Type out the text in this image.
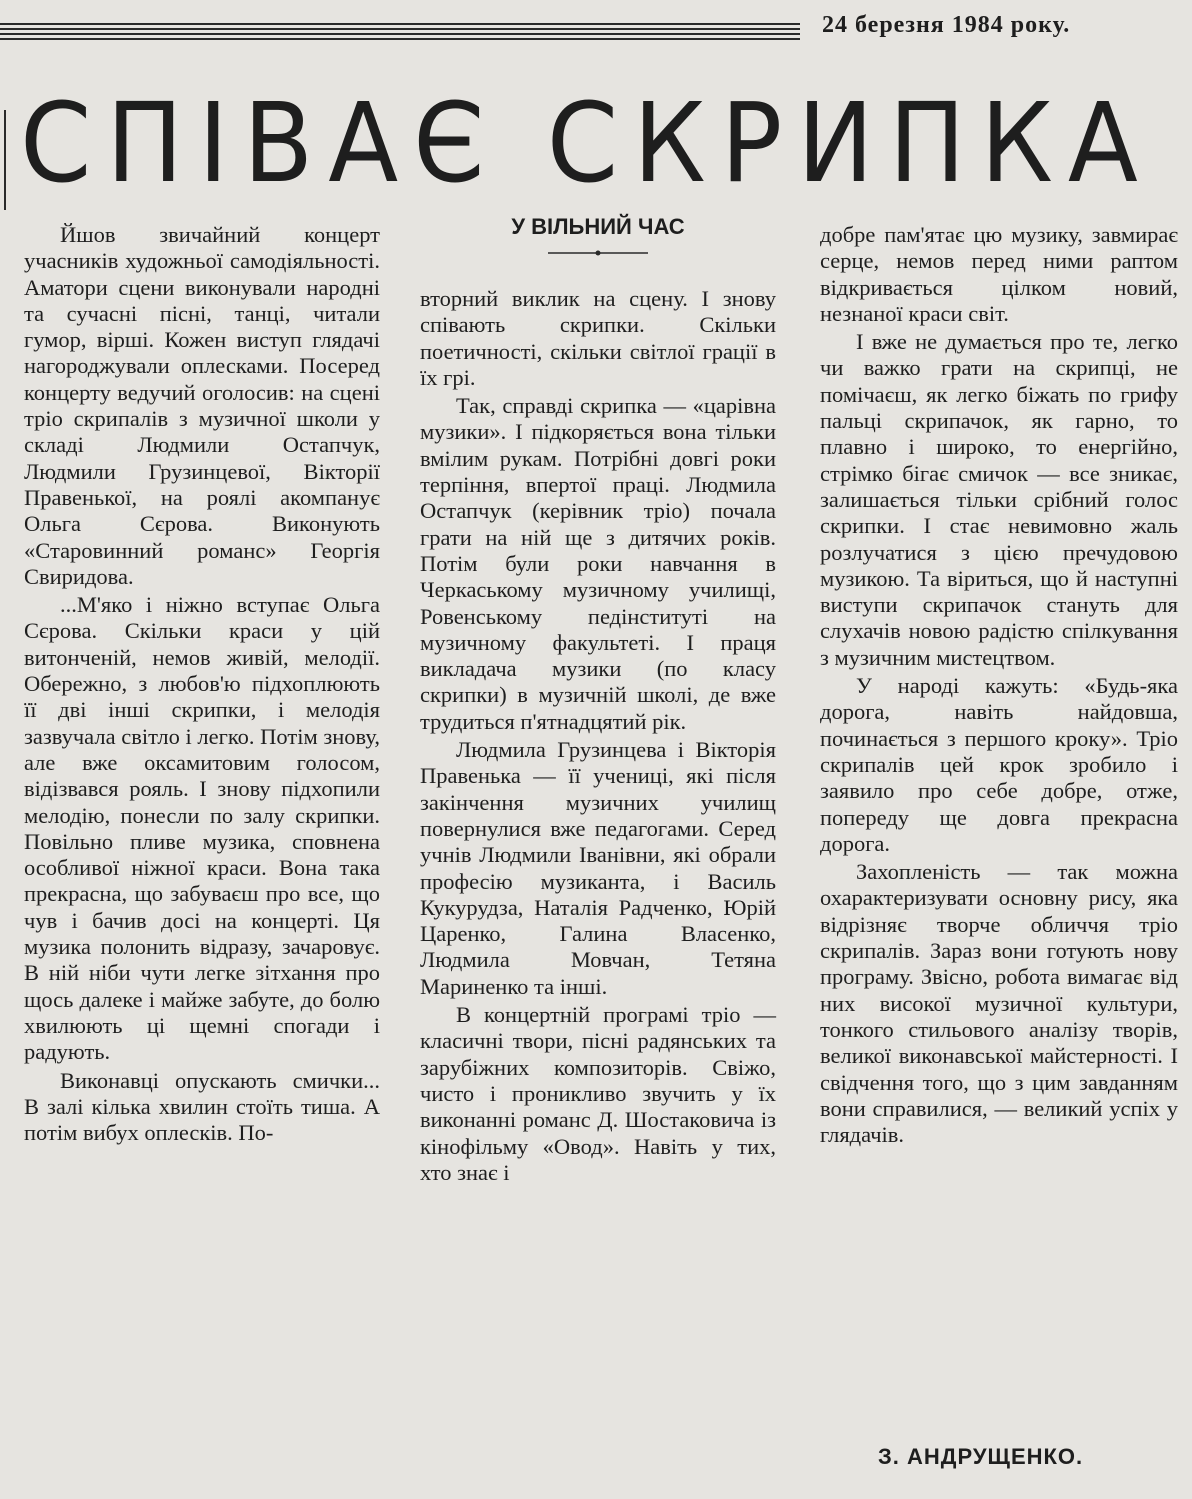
24 березня 1984 року.
СПІВАЄ СКРИПКА

Йшов звичайний концерт учасників художньої самодіяльності. Аматори сцени виконували народні та сучасні пісні, танці, читали гумор, вірші. Кожен виступ глядачі нагороджували оплесками. Посеред концерту ведучий оголосив: на сцені тріо скрипалів з музичної школи у складі Людмили Остапчук, Людмили Грузинцевої, Вікторії Правенької, на роялі акомпанує Ольга Сєрова. Виконують «Старовинний романс» Георгія Свиридова.

...М'яко і ніжно вступає Ольга Сєрова. Скільки краси у цій витонченій, немов живій, мелодії. Обережно, з любов'ю підхоплюють її дві інші скрипки, і мелодія зазвучала світло і легко. Потім знову, але вже оксамитовим голосом, відізвався рояль. І знову підхопили мелодію, понесли по залу скрипки. Повільно пливе музика, сповнена особливої ніжної краси. Вона така прекрасна, що забуваєш про все, що чув і бачив досі на концерті. Ця музика полонить відразу, зачаровує. В ній ніби чути легке зітхання про щось далеке і майже забуте, до болю хвилюють ці щемні спогади і радують.

Виконавці опускають смички... В залі кілька хвилин стоїть тиша. А потім вибух оплесків. По-

У ВІЛЬНИЙ ЧАС

вторний виклик на сцену. І знову співають скрипки. Скільки поетичності, скільки світлої грації в їх грі.

Так, справді скрипка — «царівна музики». І підкоряється вона тільки вмілим рукам. Потрібні довгі роки терпіння, впертої праці. Людмила Остапчук (керівник тріо) почала грати на ній ще з дитячих років. Потім були роки навчання в Черкаському музичному училищі, Ровенському педінституті на музичному факультеті. І праця викладача музики (по класу скрипки) в музичній школі, де вже трудиться п'ятнадцятий рік.

Людмила Грузинцева і Вікторія Правенька — її учениці, які після закінчення музичних училищ повернулися вже педагогами. Серед учнів Людмили Іванівни, які обрали професію музиканта, і Василь Кукурудза, Наталія Радченко, Юрій Царенко, Галина Власенко, Людмила Мовчан, Тетяна Мариненко та інші.

В концертній програмі тріо — класичні твори, пісні радянських та зарубіжних композиторів. Свіжо, чисто і проникливо звучить у їх виконанні романс Д. Шостаковича із кінофільму «Овод». Навіть у тих, хто знає і

добре пам'ятає цю музику, завмирає серце, немов перед ними раптом відкривається цілком новий, незнаної краси світ.

І вже не думається про те, легко чи важко грати на скрипці, не помічаєш, як легко біжать по грифу пальці скрипачок, як гарно, то плавно і широко, то енергійно, стрімко бігає смичок — все зникає, залишається тільки срібний голос скрипки. І стає невимовно жаль розлучатися з цією пречудовою музикою. Та віриться, що й наступні виступи скрипачок стануть для слухачів новою радістю спілкування з музичним мистецтвом.

У народі кажуть: «Будь-яка дорога, навіть найдовша, починається з першого кроку». Тріо скрипалів цей крок зробило і заявило про себе добре, отже, попереду ще довга прекрасна дорога.

Захопленість — так можна охарактеризувати основну рису, яка відрізняє творче обличчя тріо скрипалів. Зараз вони готують нову програму. Звісно, робота вимагає від них високої музичної культури, тонкого стильового аналізу творів, великої виконавської майстерності. І свідчення того, що з цим завданням вони справилися, — великий успіх у глядачів.

З. АНДРУЩЕНКО.
